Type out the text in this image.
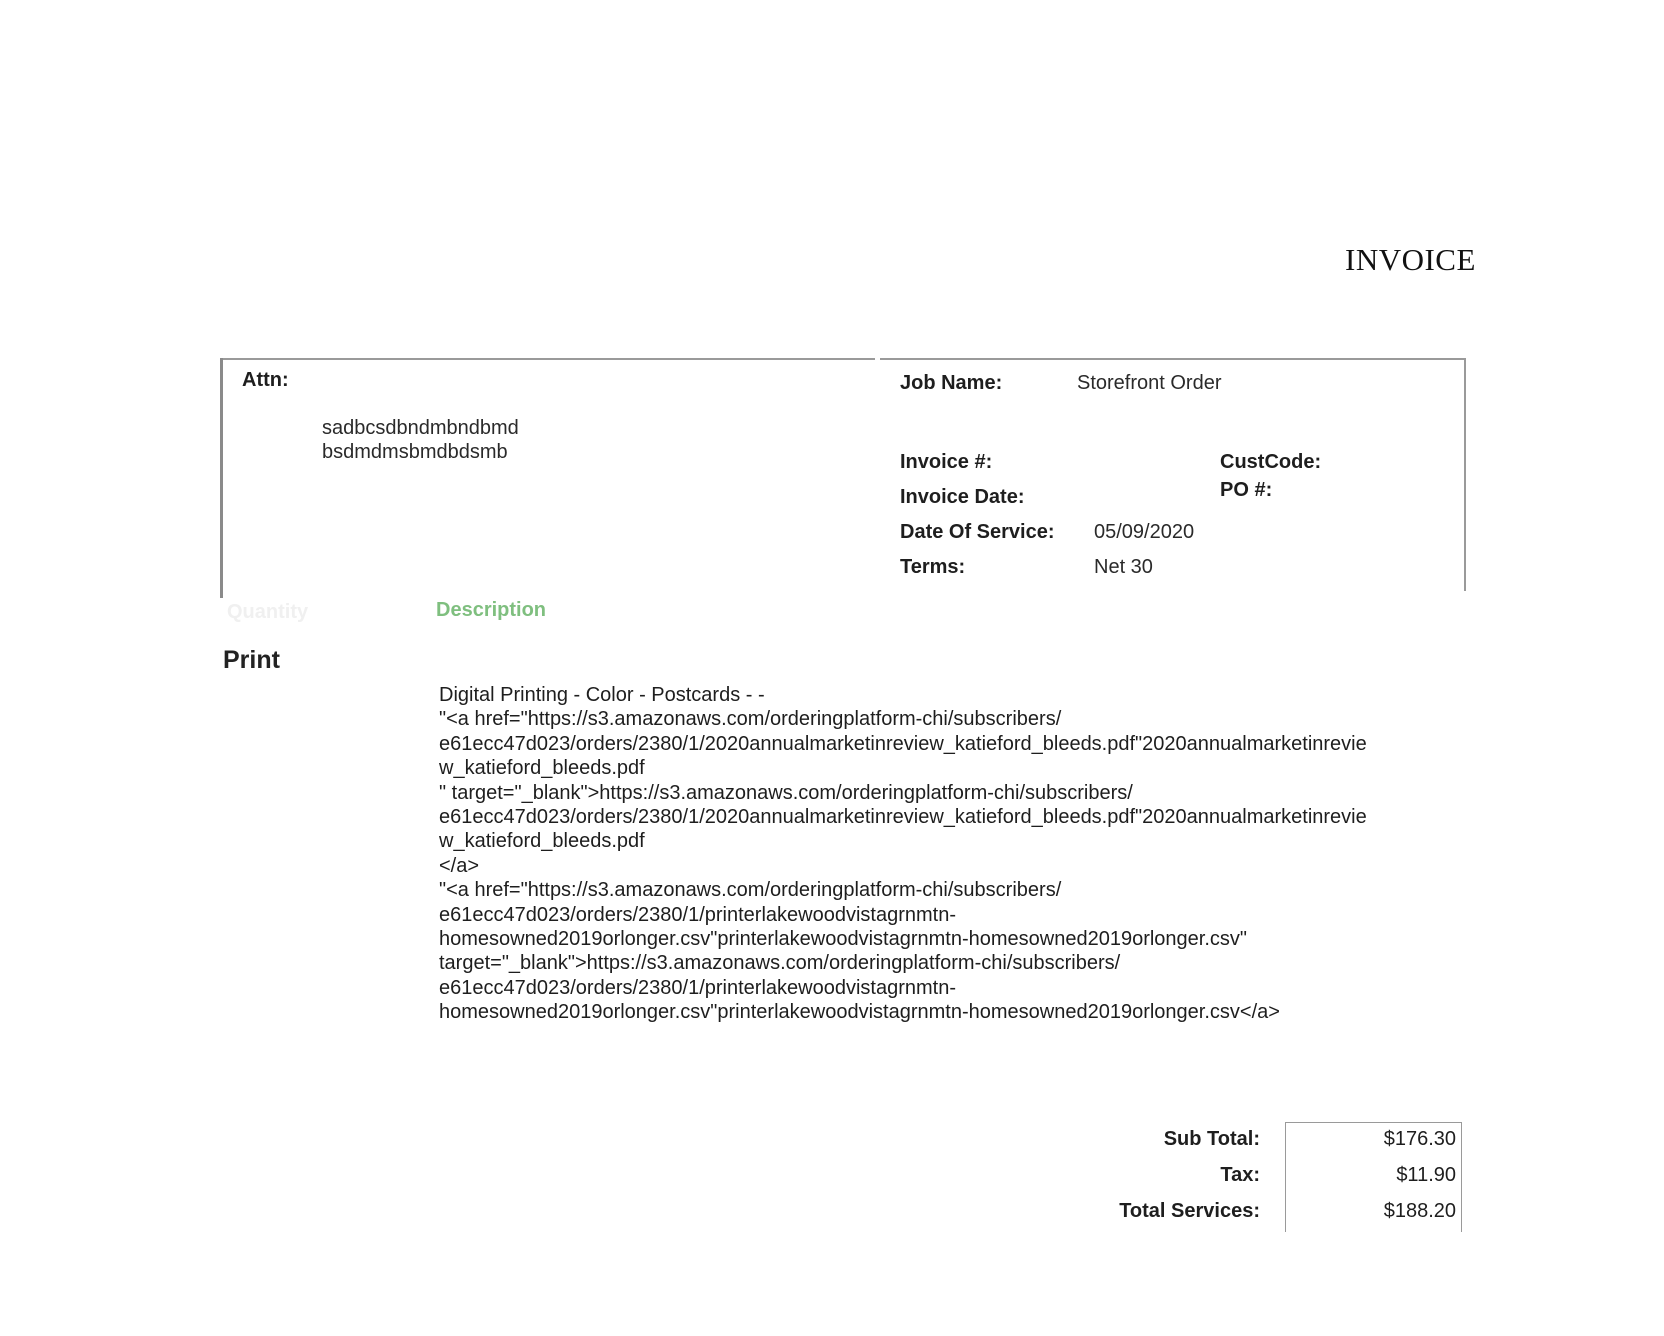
INVOICE
Attn:
sadbcsdbndmbndbmd
bsdmdmsbmdbdsmb
Job Name:	Storefront Order
Invoice #:	CustCode:
Invoice Date:	PO #:
Date Of Service: 05/09/2020
Terms:	Net 30
Quantity	Description
Print
Digital Printing - Color - Postcards - -
"<a href="https://s3.amazonaws.com/orderingplatform-chi/subscribers/
e61ecc47d023/orders/2380/1/2020annualmarketinreview_katieford_bleeds.pdf"2020annualmarketinrevie
w_katieford_bleeds.pdf
" target="_blank">https://s3.amazonaws.com/orderingplatform-chi/subscribers/
e61ecc47d023/orders/2380/1/2020annualmarketinreview_katieford_bleeds.pdf"2020annualmarketinrevie
w_katieford_bleeds.pdf
</a>
"<a href="https://s3.amazonaws.com/orderingplatform-chi/subscribers/
e61ecc47d023/orders/2380/1/printerlakewoodvistagrnmtn-
homesowned2019orlonger.csv"printerlakewoodvistagrnmtn-homesowned2019orlonger.csv"
target="_blank">https://s3.amazonaws.com/orderingplatform-chi/subscribers/
e61ecc47d023/orders/2380/1/printerlakewoodvistagrnmtn-
homesowned2019orlonger.csv"printerlakewoodvistagrnmtn-homesowned2019orlonger.csv</a>
Sub Total:	$176.30
Tax:	$11.90
Total Services:	$188.20
